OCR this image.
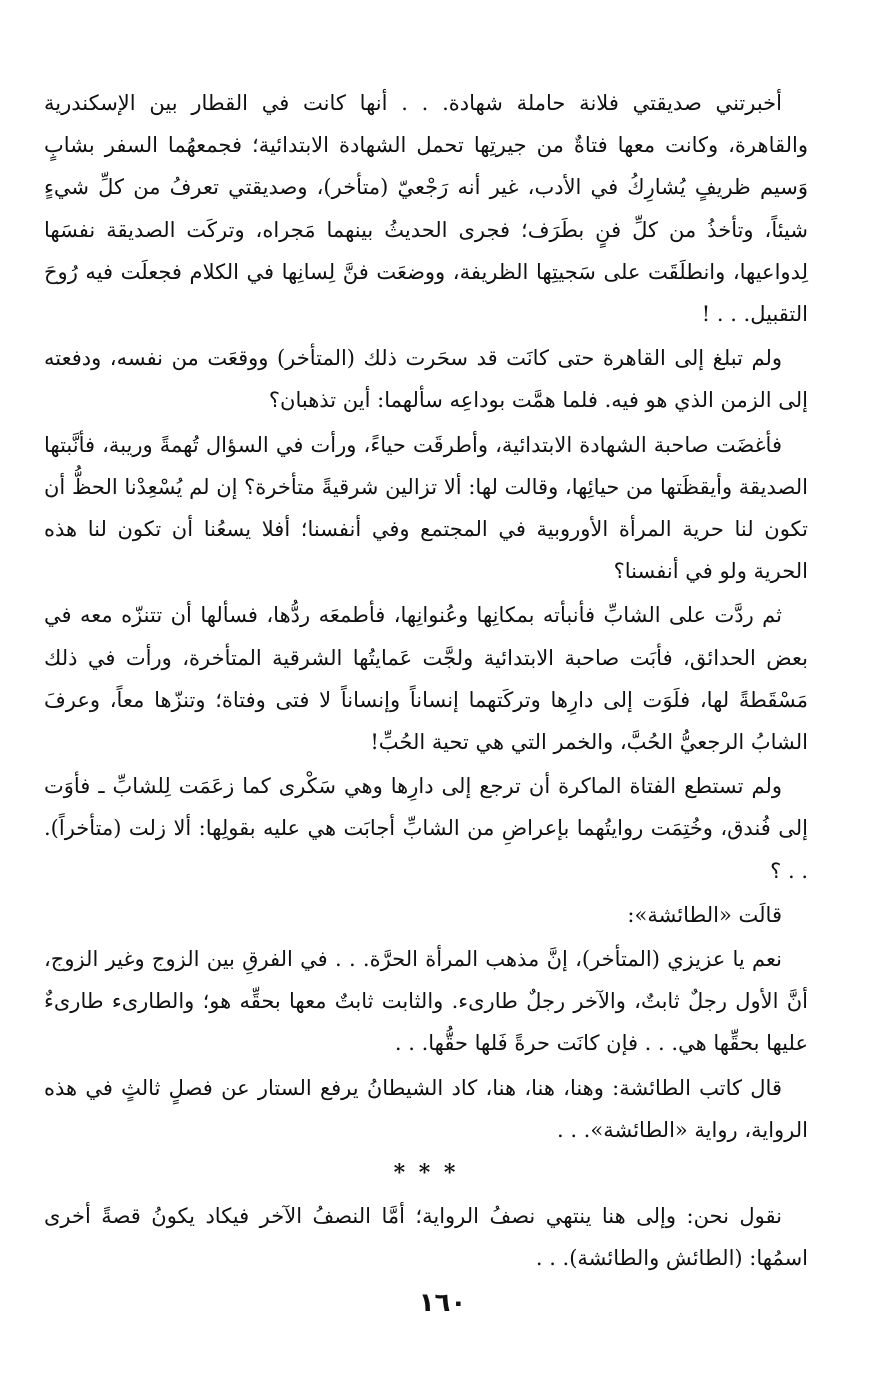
أخبرتني صديقتي فلانة حاملة شهادة. . . أنها كانت في القطار بين الإسكندرية والقاهرة، وكانت معها فتاةٌ من جيرتِها تحمل الشهادة الابتدائية؛ فجمعهُما السفر بشابٍ وَسيم ظريفٍ يُشارِكُ في الأدب، غير أنه رَجْعيّ (متأخر)، وصديقتي تعرفُ من كلِّ شيءٍ شيئاً، وتأخذُ من كلِّ فنٍ بطَرَف؛ فجرى الحديثُ بينهما مَجراه، وتركَت الصديقة نفسَها لِدواعيها، وانطلَقَت على سَجيتِها الظريفة، ووضعَت فنَّ لِسانِها في الكلام فجعلَت فيه رُوحَ التقبيل. . . !

ولم تبلغ إلى القاهرة حتى كانَت قد سحَرت ذلك (المتأخر) ووقعَت من نفسه، ودفعته إلى الزمن الذي هو فيه. فلما همَّت بوداعِه سألهما: أين تذهبان؟

فأغضَت صاحبة الشهادة الابتدائية، وأطرقَت حياءً، ورأت في السؤال تُهمةً وريبة، فأنَّبتها الصديقة وأيقظَتها من حيائِها، وقالت لها: ألا تزالين شرقيةً متأخرة؟ إن لم يُسْعِدْنا الحظُّ أن تكون لنا حرية المرأة الأوروبية في المجتمع وفي أنفسنا؛ أفلا يسعُنا أن تكون لنا هذه الحرية ولو في أنفسنا؟

ثم ردَّت على الشابِّ فأنبأته بمكانِها وعُنوانِها، فأطمعَه ردُّها، فسألها أن تتنزّه معه في بعض الحدائق، فأبَت صاحبة الابتدائية ولجَّت عَمايتُها الشرقية المتأخرة، ورأت في ذلك مَسْقَطةً لها، فلَوَت إلى دارِها وتركَتهما إنساناً وإنساناً لا فتى وفتاة؛ وتنزّها معاً، وعرفَ الشابُ الرجعيُّ الحُبَّ، والخمر التي هي تحية الحُبِّ!

ولم تستطع الفتاة الماكرة أن ترجع إلى دارِها وهي سَكْرى كما زعَمَت لِلشابِّ ـ فأوَت إلى فُندق، وخُتِمَت روايتُهما بإعراضِ من الشابِّ أجابَت هي عليه بقولِها: ألا زلت (متأخراً). . . ؟

قالَت «الطائشة»:

نعم يا عزيزي (المتأخر)، إنَّ مذهب المرأة الحرَّة. . . في الفرقِ بين الزوج وغير الزوج، أنَّ الأول رجلٌ ثابتٌ، والآخر رجلٌ طارىء. والثابت ثابتٌ معها بحقِّه هو؛ والطارىء طارىءٌ عليها بحقِّها هي. . . فإن كانَت حرةً فَلها حقُّها. . .

قال كاتب الطائشة: وهنا، هنا، هنا، كاد الشيطانُ يرفع الستار عن فصلٍ ثالثٍ في هذه الرواية، رواية «الطائشة». . .

* * *

نقول نحن: وإلى هنا ينتهي نصفُ الرواية؛ أمَّا النصفُ الآخر فيكاد يكونُ قصةً أخرى اسمُها: (الطائش والطائشة). . .

١٦٠
